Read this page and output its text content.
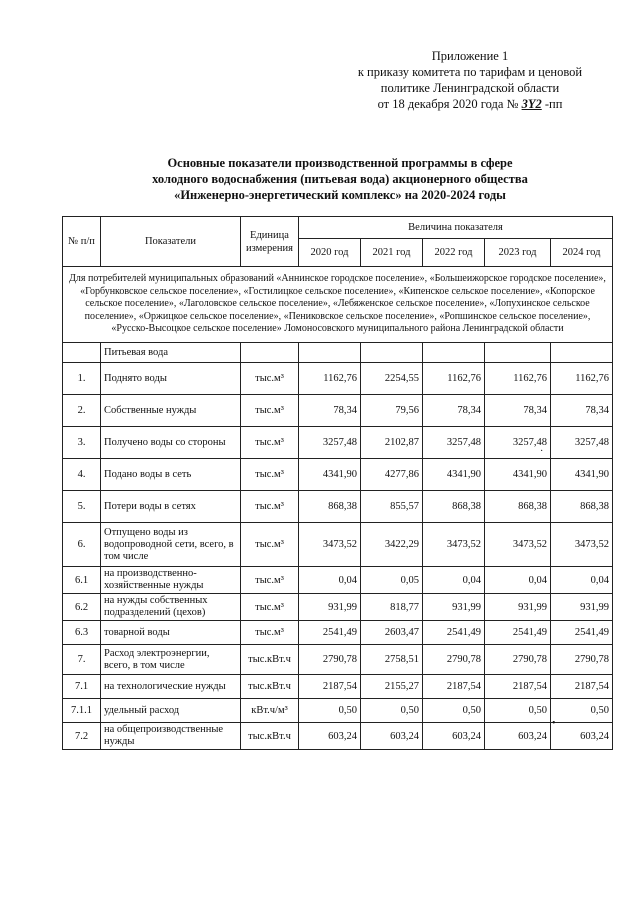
Приложение 1
к приказу комитета по тарифам и ценовой
политике Ленинградской области
от 18 декабря 2020 года № 3Y2 -пп
Основные показатели производственной программы в сфере
холодного водоснабжения (питьевая вода) акционерного общества
«Инженерно-энергетический комплекс» на 2020-2024 годы
№ п/п	Показатели	Единица измерения	Величина показателя				
			2020 год	2021 год	2022 год	2023 год	2024 год
Для потребителей муниципальных образований «Аннинское городское поселение», «Большеижорское городское поселение», «Горбунковское сельское поселение», «Гостилицкое сельское поселение», «Кипенское сельское поселение», «Копорское сельское поселение», «Лаголовское сельское поселение», «Лебяженское сельское поселение», «Лопухинское сельское поселение», «Оржицкое сельское поселение», «Пениковское сельское поселение», «Ропшинское сельское поселение», «Русско-Высоцкое сельское поселение» Ломоносовского муниципального района Ленинградской области							
	Питьевая вода						
1.	Поднято воды	тыс.м³	1162,76	2254,55	1162,76	1162,76	1162,76
2.	Собственные нужды	тыс.м³	78,34	79,56	78,34	78,34	78,34
3.	Получено воды со стороны	тыс.м³	3257,48	2102,87	3257,48	3257,48	3257,48
4.	Подано воды в сеть	тыс.м³	4341,90	4277,86	4341,90	4341,90	4341,90
5.	Потери воды в сетях	тыс.м³	868,38	855,57	868,38	868,38	868,38
6.	Отпущено воды из водопроводной сети, всего, в том числе	тыс.м³	3473,52	3422,29	3473,52	3473,52	3473,52
6.1	на производственно-хозяйственные нужды	тыс.м³	0,04	0,05	0,04	0,04	0,04
6.2	на нужды собственных подразделений (цехов)	тыс.м³	931,99	818,77	931,99	931,99	931,99
6.3	товарной воды	тыс.м³	2541,49	2603,47	2541,49	2541,49	2541,49
7.	Расход электроэнергии, всего, в том числе	тыс.кВт.ч	2790,78	2758,51	2790,78	2790,78	2790,78
7.1	на технологические нужды	тыс.кВт.ч	2187,54	2155,27	2187,54	2187,54	2187,54
7.1.1	удельный расход	кВт.ч/м³	0,50	0,50	0,50	0,50	0,50
7.2	на общепроизводственные нужды	тыс.кВт.ч	603,24	603,24	603,24	603,24	603,24
·
•
